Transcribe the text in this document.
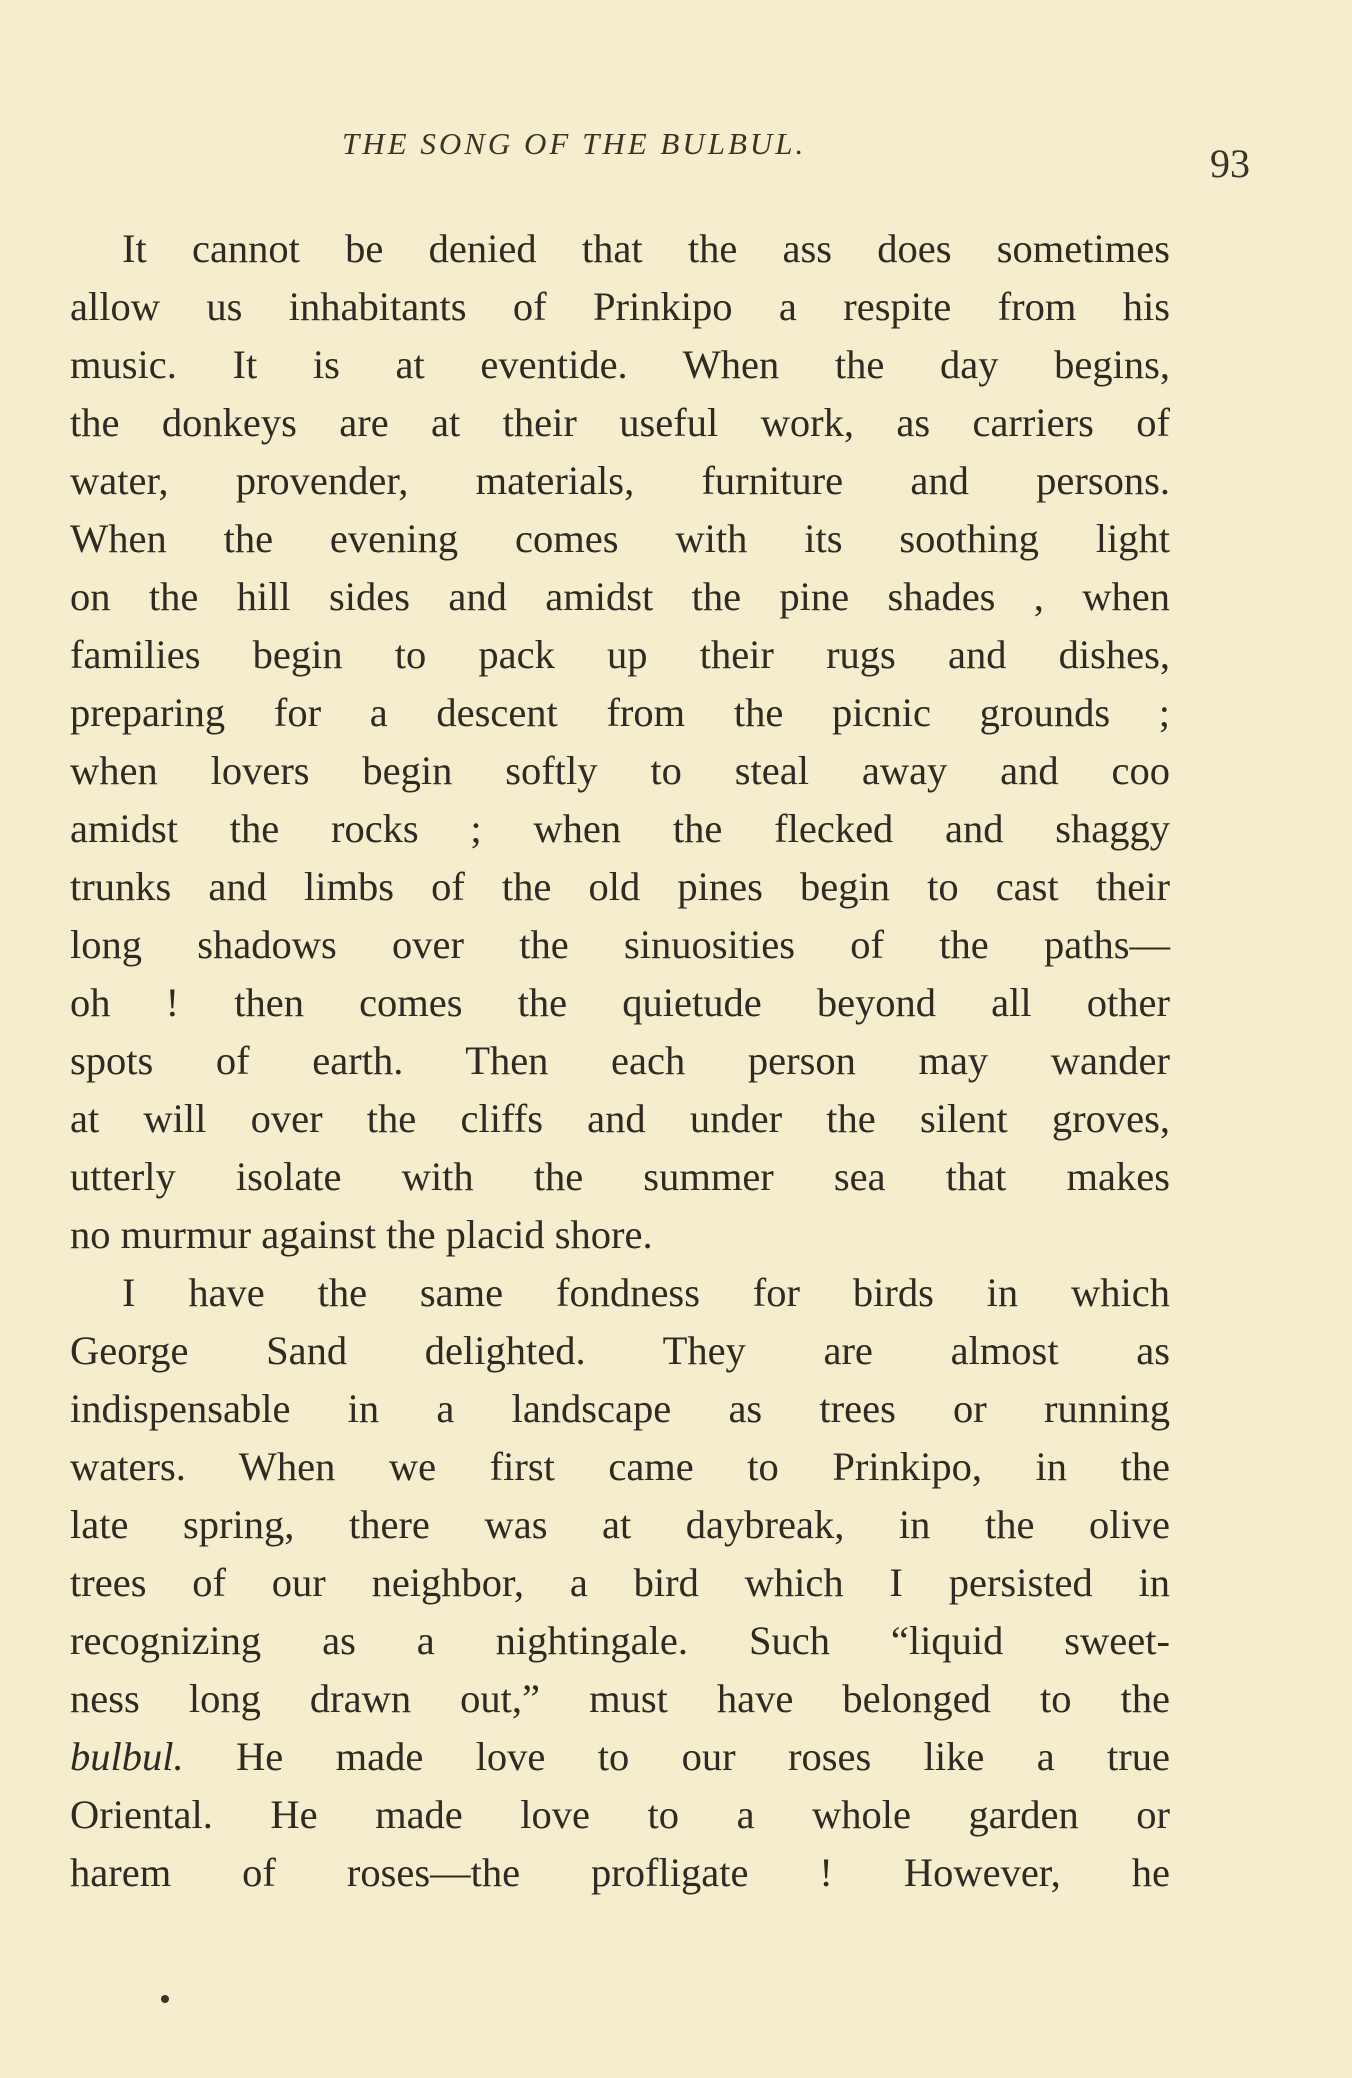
THE SONG OF THE BULBUL.	93
It cannot be denied that the ass does sometimes
allow us inhabitants of Prinkipo a respite from his
music. It is at eventide. When the day begins,
the donkeys are at their useful work, as carriers of
water, provender, materials, furniture and persons.
When the evening comes with its soothing light
on the hill sides and amidst the pine shades , when
families begin to pack up their rugs and dishes,
preparing for a descent from the picnic grounds ;
when lovers begin softly to steal away and coo
amidst the rocks ; when the flecked and shaggy
trunks and limbs of the old pines begin to cast their
long shadows over the sinuosities of the paths—
oh ! then comes the quietude beyond all other
spots of earth. Then each person may wander
at will over the cliffs and under the silent groves,
utterly isolate with the summer sea that makes
no murmur against the placid shore.
I have the same fondness for birds in which
George Sand delighted. They are almost as
indispensable in a landscape as trees or running
waters. When we first came to Prinkipo, in the
late spring, there was at daybreak, in the olive
trees of our neighbor, a bird which I persisted in
recognizing as a nightingale. Such “liquid sweet-
ness long drawn out,” must have belonged to the
bulbul. He made love to our roses like a true
Oriental. He made love to a whole garden or
harem of roses—the profligate ! However, he
